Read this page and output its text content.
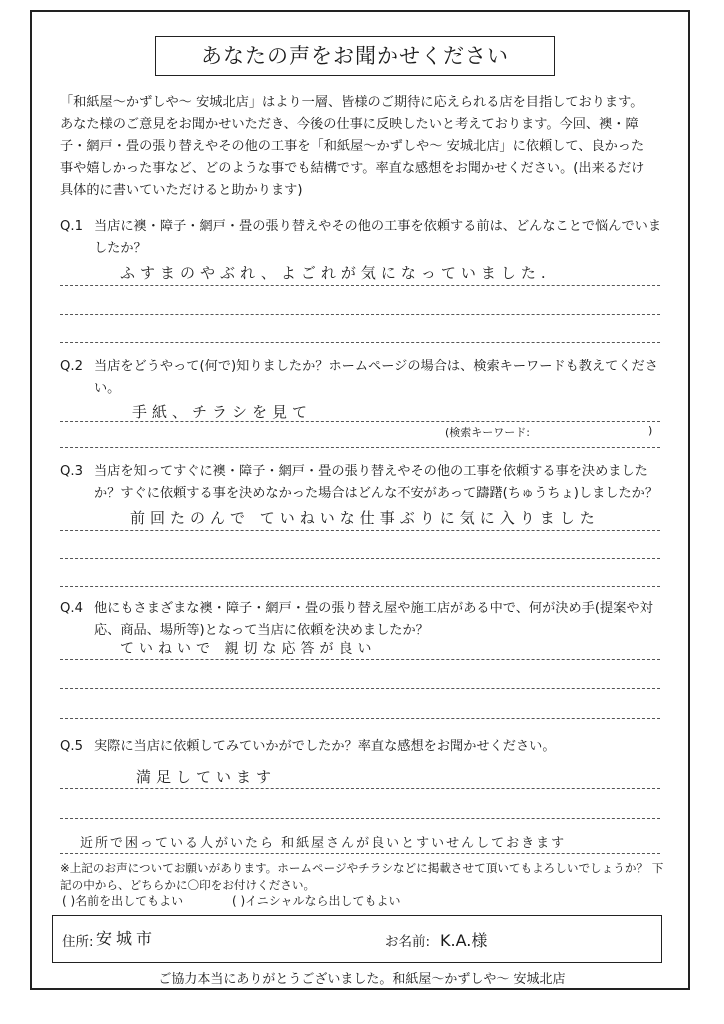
あなたの声をお聞かせください
「和紙屋～かずしや～ 安城北店」はより一層、皆様のご期待に応えられる店を目指しております。
あなた様のご意見をお聞かせいただき、今後の仕事に反映したいと考えております。今回、襖・障
子・網戸・畳の張り替えやその他の工事を「和紙屋～かずしや～ 安城北店」に依頼して、良かった
事や嬉しかった事など、どのような事でも結構です。率直な感想をお聞かせください。(出来るだけ
具体的に書いていただけると助かります)
Q.1 当店に襖・障子・網戸・畳の張り替えやその他の工事を依頼する前は、どんなことで悩んでいま
したか？
ふすまのやぶれ、よごれが気になっていました.
Q.2 当店をどうやって(何で)知りましたか？ホームページの場合は、検索キーワードも教えてくださ
い。
手紙、チラシを見て
(検索キーワード:	)
Q.3 当店を知ってすぐに襖・障子・網戸・畳の張り替えやその他の工事を依頼する事を決めました
か？すぐに依頼する事を決めなかった場合はどんな不安があって躊躇(ちゅうちょ)しましたか？
前回たのんで ていねいな仕事ぶりに気に入りました
Q.4 他にもさまざまな襖・障子・網戸・畳の張り替え屋や施工店がある中で、何が決め手(提案や対
応、商品、場所等)となって当店に依頼を決めましたか？
ていねいで 親切な応答が良い
Q.5 実際に当店に依頼してみていかがでしたか？率直な感想をお聞かせください。
満足しています
近所で困っている人がいたら 和紙屋さんが良いとすいせんしておきます
※上記のお声についてお願いがあります。ホームページやチラシなどに掲載させて頂いてもよろしいでしょうか？ 下
記の中から、どちらかに〇印をお付けください。
( )名前を出してもよい	( )イニシャルなら出してもよい
住所: 安城市	お名前: K.A.様
ご協力本当にありがとうございました。和紙屋～かずしや～ 安城北店
